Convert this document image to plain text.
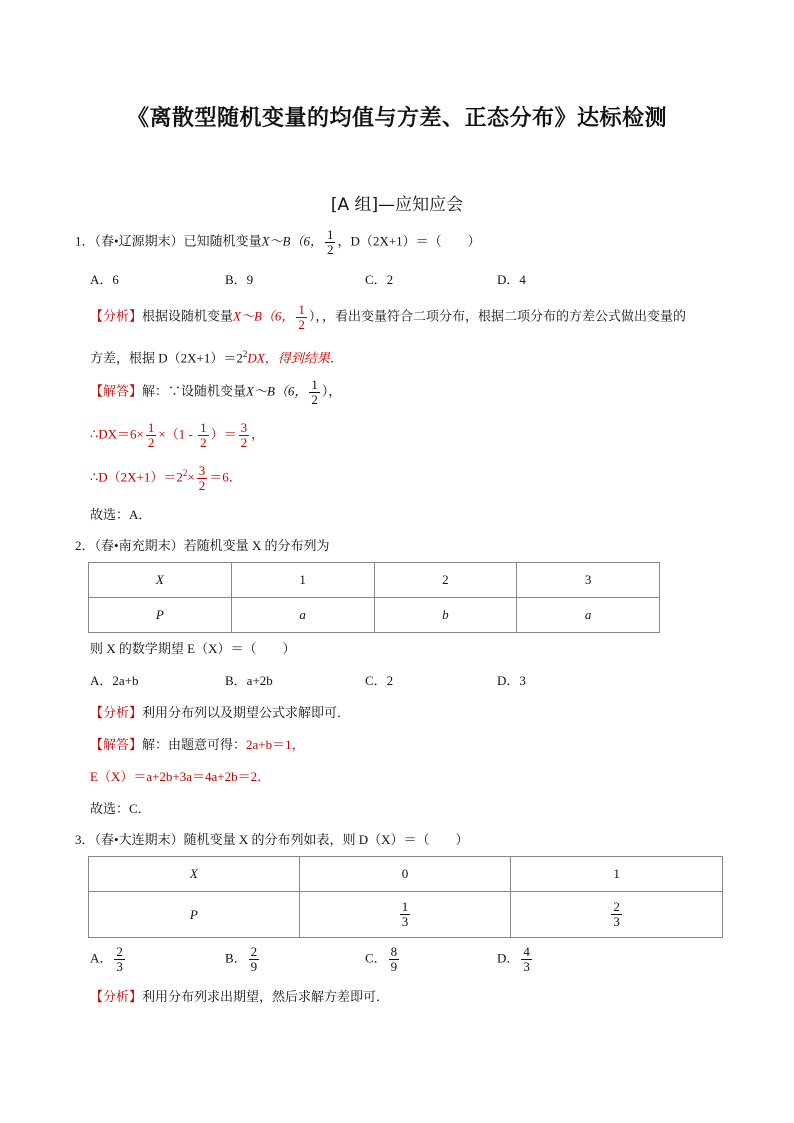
《离散型随机变量的均值与方差、正态分布》达标检测
[A 组]—应知应会
1．（春•辽源期末）已知随机变量X～B（6， $\frac{1}{2}$ ，D（2X+1）＝（　　）
A．6	B．9	C．2	D．4
【分析】根据设随机变量X～B（6， $\frac{1}{2}$ ），，看出变量符合二项分布，根据二项分布的方差公式做出变量的
方差，根据 $D(2X+1)=2^2DX$，得到结果．
【解答】解：∵设随机变量X～B（6， $\frac{1}{2}$ ），
∴DX＝6× $\frac{1}{2} \times(1 - \frac{1}{2}$ ）＝ $\frac{3}{2}$ ，
$\therefore D(2X+1)=2^2\times \frac{3}{2} =6$．
故选：A．
2．（春•南充期末）若随机变量 X 的分布列为
X	1	2	3
P	a	b	a
则 X 的数学期望 E（X）＝（　　）
A．2a+b	B．a+2b	C．2	D．3
【分析】利用分布列以及期望公式求解即可．
【解答】解：由题意可得：2a+b＝1，
E（X）＝a+2b+3a＝4a+2b＝2．
故选：C．
3．（春•大连期末）随机变量 X 的分布列如表，则 D（X）＝（　　）
X	0	1
P	$\frac{1}{3}$	$\frac{2}{3}$
A． $\frac{2}{3}$	B． $\frac{2}{9}$	C． $\frac{8}{9}$	D． $\frac{4}{3}$
【分析】利用分布列求出期望，然后求解方差即可．
